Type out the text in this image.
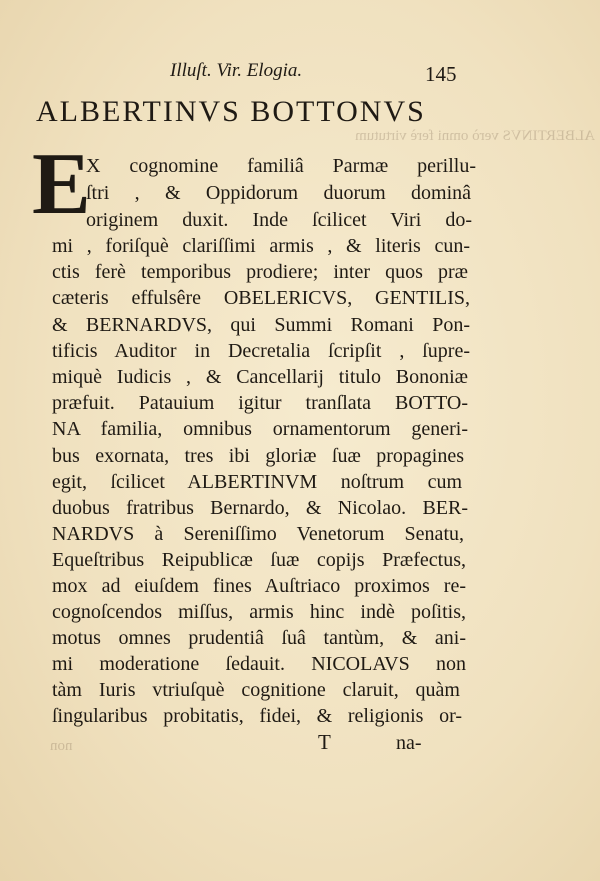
ALBERTINVS verò omni ferè virtutum
non
Illuſt. Vir. Elogia.	145
ALBERTINVS BOTTONVS
E
X cognomine familiâ Parmæ perillu-
ſtri , & Oppidorum duorum dominâ
originem duxit. Inde ſcilicet Viri do-
mi , foriſquè clariſſimi armis , & literis cun-
ctis ferè temporibus prodiere; inter quos præ
cæteris effulsêre OBELERICVS, GENTILIS,
& BERNARDVS, qui Summi Romani Pon-
tificis Auditor in Decretalia ſcripſit , ſupre-
miquè Iudicis , & Cancellarij titulo Bononiæ
præfuit. Patauium igitur tranſlata BOTTO-
NA familia, omnibus ornamentorum generi-
bus exornata, tres ibi gloriæ ſuæ propagines
egit, ſcilicet ALBERTINVM noſtrum cum
duobus fratribus Bernardo, & Nicolao. BER-
NARDVS à Sereniſſimo Venetorum Senatu,
Equeſtribus Reipublicæ ſuæ copijs Præfectus,
mox ad eiuſdem fines Auſtriaco proximos re-
cognoſcendos miſſus, armis hinc indè poſitis,
motus omnes prudentiâ ſuâ tantùm, & ani-
mi moderatione ſedauit. NICOLAVS non
tàm Iuris vtriuſquè cognitione claruit, quàm
ſingularibus probitatis, fidei, & religionis or-
T	na-
